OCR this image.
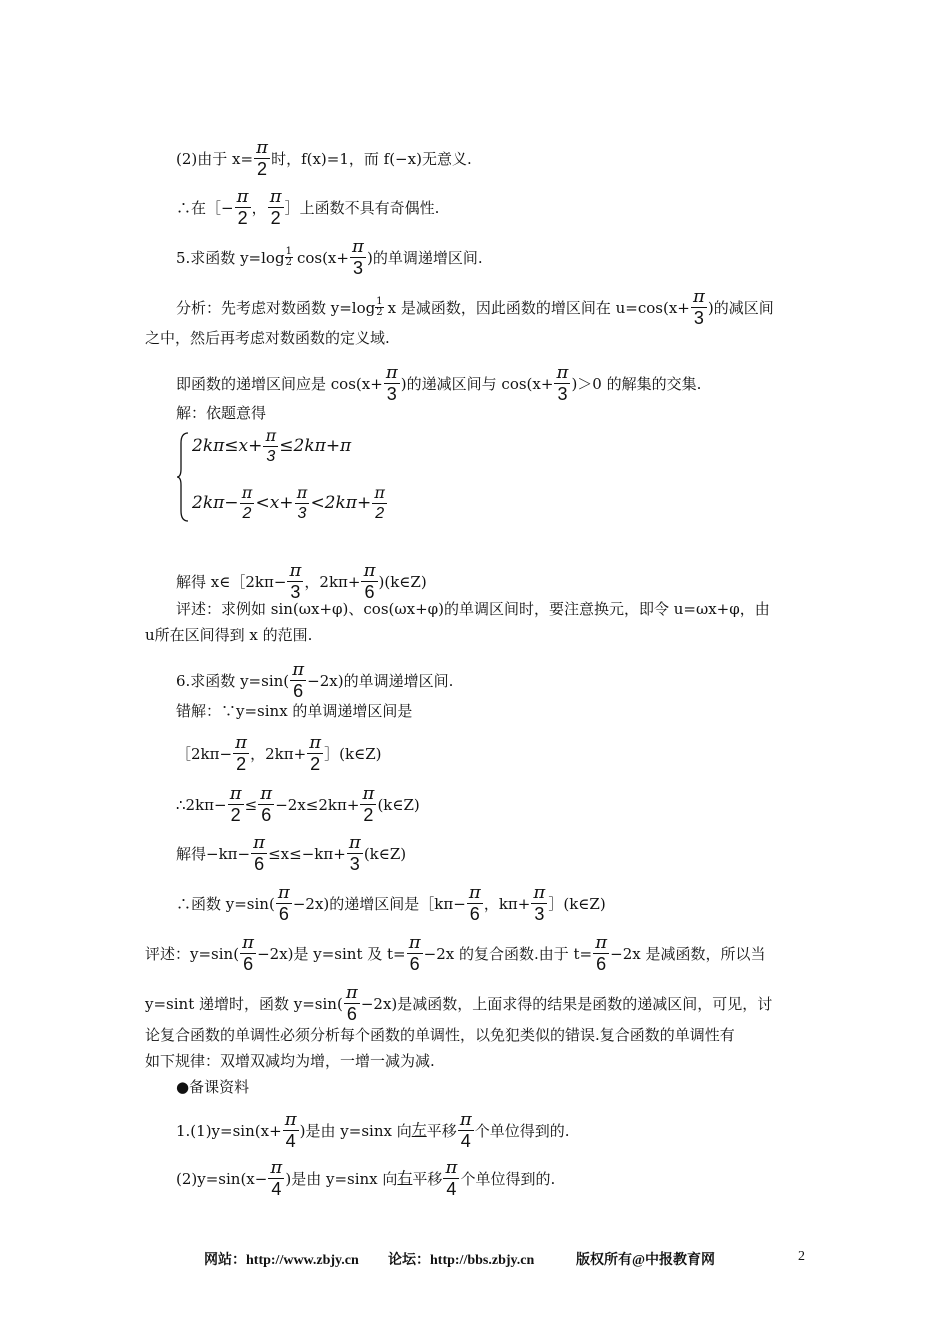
(2)由于 $x= \frac{\pi}{2}$ 时，f(x)=1，而 f(−x)无意义.
∴在［− $\frac{\pi}{2}$ ， $\frac{\pi}{2}$ ］上函数不具有奇偶性.
5.求函数 $y=\log \frac{1}{2} \cos(x+ \frac{\pi}{3}$ )的单调递增区间.
分析：先考虑对数函数 $y=\log \frac{1}{2}$ x 是减函数，因此函数的增区间在 $u=\cos(x+ \frac{\pi}{3}$ )的减区间
之中，然后再考虑对数函数的定义域.
即函数的递增区间应是 $\cos(x+ \frac{\pi}{3}$ )的递减区间与 $\cos(x+ \frac{\pi}{3} )>0$ 的解集的交集.
解：依题意得
$2k\pi\le x+ \frac{\pi}{3} \le 2k\pi+\pi$
$2k\pi- \frac{\pi}{2} <x+ \frac{\pi}{3} <2k\pi+ \frac{\pi}{2}$
解得 x∈［2kπ− $\frac{\pi}{3}$ ，$2k\pi+ \frac{\pi}{6}$ )(k∈Z)
评述：求例如 sin(ωx+φ)、cos(ωx+φ)的单调区间时，要注意换元，即令 u=ωx+φ，由
u所在区间得到 x 的范围.
6.求函数 $y=\sin( \frac{\pi}{6} -2x)$的单调递增区间.
错解：∵y=sinx 的单调递增区间是
［2kπ− $\frac{\pi}{2}$ ，$2k\pi+ \frac{\pi}{2}$ ］(k∈Z)
∴2kπ− $\frac{\pi}{2} \le \frac{\pi}{6} -2x\le 2k\pi+ \frac{\pi}{2}$ (k∈Z)
解得$-k\pi- \frac{\pi}{6} \le x\le-k\pi+ \frac{\pi}{3}$ (k∈Z)
∴函数 $y=\sin( \frac{\pi}{6} -2x)$的递增区间是［kπ− $\frac{\pi}{6}$ ，$k\pi+ \frac{\pi}{3}$ ］(k∈Z)
评述：$y=\sin( \frac{\pi}{6} -2x)$是 y=sint 及 $t= \frac{\pi}{6} -2x$ 的复合函数.由于 $t= \frac{\pi}{6} -2x$ 是减函数，所以当
y=sint 递增时，函数 $y=\sin( \frac{\pi}{6} -2x)$是减函数，上面求得的结果是函数的递减区间，可见，讨
论复合函数的单调性必须分析每个函数的单调性，以免犯类似的错误.复合函数的单调性有
如下规律：双增双减均为增，一增一减为减.
●备课资料
$1.(1)y=\sin(x+ \frac{\pi}{4}$ )是由 y=sinx 向左平移 $\frac{\pi}{4}$ 个单位得到的.
$(2)y=\sin(x- \frac{\pi}{4}$ )是由 y=sinx 向右平移 $\frac{\pi}{4}$ 个单位得到的.
网站：http://www.zbjy.cn 论坛：http://bbs.zbjy.cn	版权所有@中报教育网	2
